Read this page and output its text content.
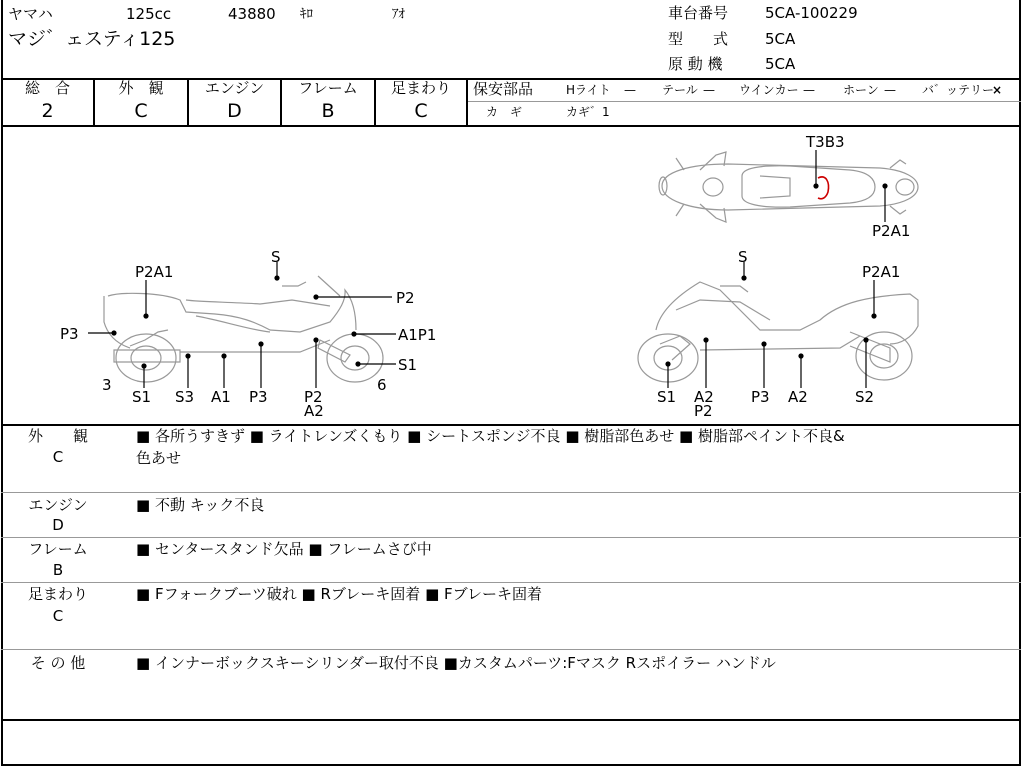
ヤマハ	125cc	43880 ｷﾛ	ｱｵ
マジ゛ェスティ125
車台番号 5CA-100229
型　　式 5CA
原 動 機	5CA
総　合
2
外　観
C
エンジン
D
フレーム
B
足まわり
C
保安部品	Hライト — テール — ウインカー — ホーン — バ゛ッテリー
×
カ　ギ	カギ゛1
T3B3
P2A1
S
P2A1
P2
P3	A1P1
S1
3	6
S1 S3 A1 P3 P2
A2
S
P2A1
S1 A2
P2
P3 A2	S2
外　　観
C
■ 各所うすきず ■ ライトレンズくもり ■ シートスポンジ不良 ■ 樹脂部色あせ ■ 樹脂部ペイント不良&
色あせ
エンジン
D
■ 不動 キック不良
フレーム
B
■ センタースタンド欠品 ■ フレームさび中
足まわり
C
■ Fフォークブーツ破れ ■ Rブレーキ固着 ■ Fブレーキ固着
そ の 他	■ インナーボックスキーシリンダー取付不良 ■カスタムパーツ:Fマスク Rスポイラー ハンドル
